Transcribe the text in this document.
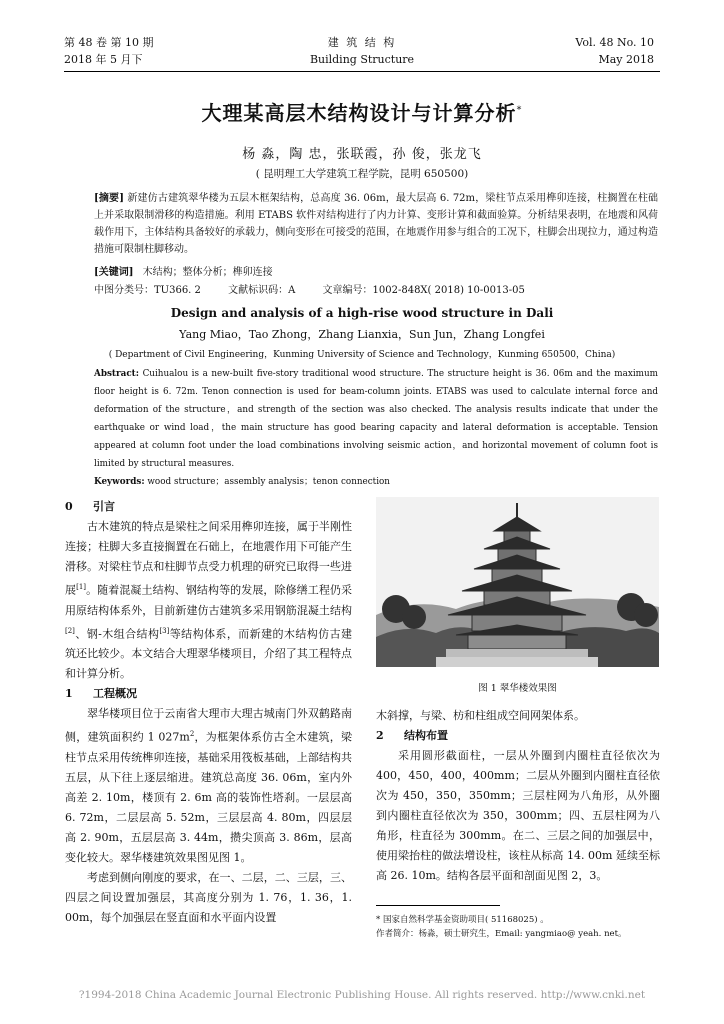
第 48 卷 第 10 期
2018 年 5 月下
建 筑 结 构
Building Structure
Vol. 48 No. 10
May 2018
大理某高层木结构设计与计算分析*
杨 淼，陶 忠，张联霞，孙 俊，张龙飞
( 昆明理工大学建筑工程学院，昆明 650500)
[摘要] 新建仿古建筑翠华楼为五层木框架结构，总高度 36. 06m，最大层高 6. 72m，梁柱节点采用榫卯连接，柱搁置在柱础上并采取限制滑移的构造措施。利用 ETABS 软件对结构进行了内力计算、变形计算和截面验算。分析结果表明，在地震和风荷载作用下，主体结构具备较好的承载力，侧向变形在可接受的范围，在地震作用参与组合的工况下，柱脚会出现拉力，通过构造措施可限制柱脚移动。
[关键词] 木结构；整体分析；榫卯连接
中图分类号：TU366. 2	文献标识码：A	文章编号：1002-848X( 2018) 10-0013-05
Design and analysis of a high-rise wood structure in Dali
Yang Miao，Tao Zhong，Zhang Lianxia，Sun Jun，Zhang Longfei
( Department of Civil Engineering，Kunming University of Science and Technology，Kunming 650500，China)
Abstract: Cuihualou is a new-built five-story traditional wood structure. The structure height is 36. 06m and the maximum floor height is 6. 72m. Tenon connection is used for beam-column joints. ETABS was used to calculate internal force and deformation of the structure，and strength of the section was also checked. The analysis results indicate that under the earthquake or wind load，the main structure has good bearing capacity and lateral deformation is acceptable. Tension appeared at column foot under the load combinations involving seismic action，and horizontal movement of column foot is limited by structural measures.
Keywords: wood structure；assembly analysis；tenon connection

0 引言

古木建筑的特点是梁柱之间采用榫卯连接，属于半刚性连接；柱脚大多直接搁置在石础上，在地震作用下可能产生滑移。对梁柱节点和柱脚节点受力机理的研究已取得一些进展[1]。随着混凝土结构、钢结构等的发展，除修缮工程仍采用原结构体系外，目前新建仿古建筑多采用钢筋混凝土结构[2]、钢-木组合结构[3]等结构体系，而新建的木结构仿古建筑还比较少。本文结合大理翠华楼项目，介绍了其工程特点和计算分析。

1 工程概况

翠华楼项目位于云南省大理市大理古城南门外双鹤路南侧，建筑面积约 1 $027m^2$，为框架体系仿古全木建筑，梁柱节点采用传统榫卯连接，基础采用筏板基础，上部结构共五层，从下往上逐层缩进。建筑总高度 36. 06m，室内外高差 2. 10m，楼顶有 2. 6m 高的装饰性塔刹。一层层高 6. 72m，二层层高 5. 52m，三层层高 4. 80m，四层层高 2. 90m，五层层高 3. 44m，攒尖顶高 3. 86m，层高变化较大。翠华楼建筑效果图见图 1。

考虑到侧向刚度的要求，在一、二层，二、三层，三、四层之间设置加强层，其高度分别为 1. 76，1. 36，1. 00m，每个加强层在竖直面和水平面内设置

图 1 翠华楼效果图

木斜撑，与梁、枋和柱组成空间网架体系。

2 结构布置

采用圆形截面柱，一层从外圈到内圈柱直径依次为 400，450，400，400mm；二层从外圈到内圈柱直径依次为 450，350，350mm；三层柱网为八角形，从外圈到内圈柱直径依次为 350，300mm；四、五层柱网为八角形，柱直径为 300mm。在二、三层之间的加强层中，使用梁抬柱的做法增设柱，该柱从标高 14. 00m 延续至标高 26. 10m。结构各层平面和剖面见图 2，3。

* 国家自然科学基金资助项目( 51168025) 。
作者简介：杨淼，硕士研究生，Email: yangmiao@ yeah. net。
?1994-2018 China Academic Journal Electronic Publishing House. All rights reserved. http://www.cnki.net
